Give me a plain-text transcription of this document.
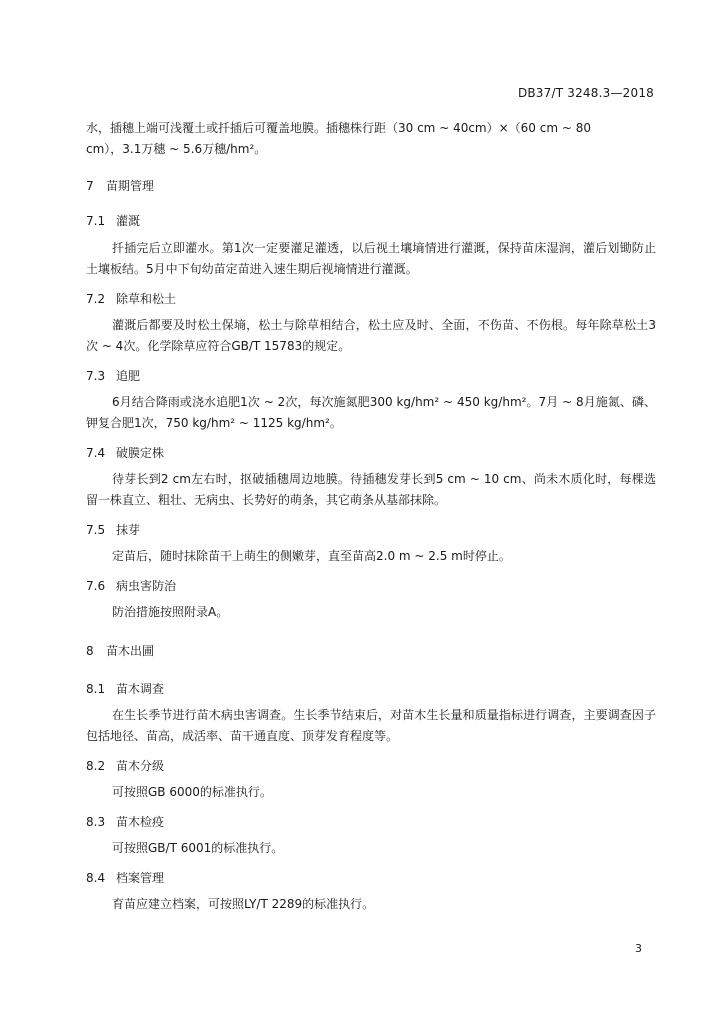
DB37/T 3248.3—2018

水，插穗上端可浅覆土或扦插后可覆盖地膜。插穗株行距（30 cm ~ 40cm）×（60 cm ~ 80
cm），3.1万穗 ~ 5.6万穗/hm²。

7 苗期管理
7.1 灌溉

扦插完后立即灌水。第1次一定要灌足灌透，以后视土壤墒情进行灌溉，保持苗床湿润，灌后划锄防止土壤板结。5月中下旬幼苗定苗进入速生期后视墒情进行灌溉。

7.2 除草和松土

灌溉后都要及时松土保墒，松土与除草相结合，松土应及时、全面，不伤苗、不伤根。每年除草松土3次 ~ 4次。化学除草应符合GB/T 15783的规定。

7.3 追肥

6月结合降雨或浇水追肥1次 ~ 2次，每次施氮肥300 kg/hm² ~ 450 kg/hm²。7月 ~ 8月施氮、磷、钾复合肥1次，750 kg/hm² ~ 1125 kg/hm²。

7.4 破膜定株

待芽长到2 cm左右时，抠破插穗周边地膜。待插穗发芽长到5 cm ~ 10 cm、尚未木质化时，每棵选留一株直立、粗壮、无病虫、长势好的萌条，其它萌条从基部抹除。

7.5 抹芽

定苗后，随时抹除苗干上萌生的侧嫩芽，直至苗高2.0 m ~ 2.5 m时停止。

7.6 病虫害防治

防治措施按照附录A。

8 苗木出圃
8.1 苗木调查

在生长季节进行苗木病虫害调查。生长季节结束后，对苗木生长量和质量指标进行调查，主要调查因子包括地径、苗高，成活率、苗干通直度、顶芽发育程度等。

8.2 苗木分级

可按照GB 6000的标准执行。

8.3 苗木检疫

可按照GB/T 6001的标准执行。

8.4 档案管理

育苗应建立档案，可按照LY/T 2289的标准执行。

3
